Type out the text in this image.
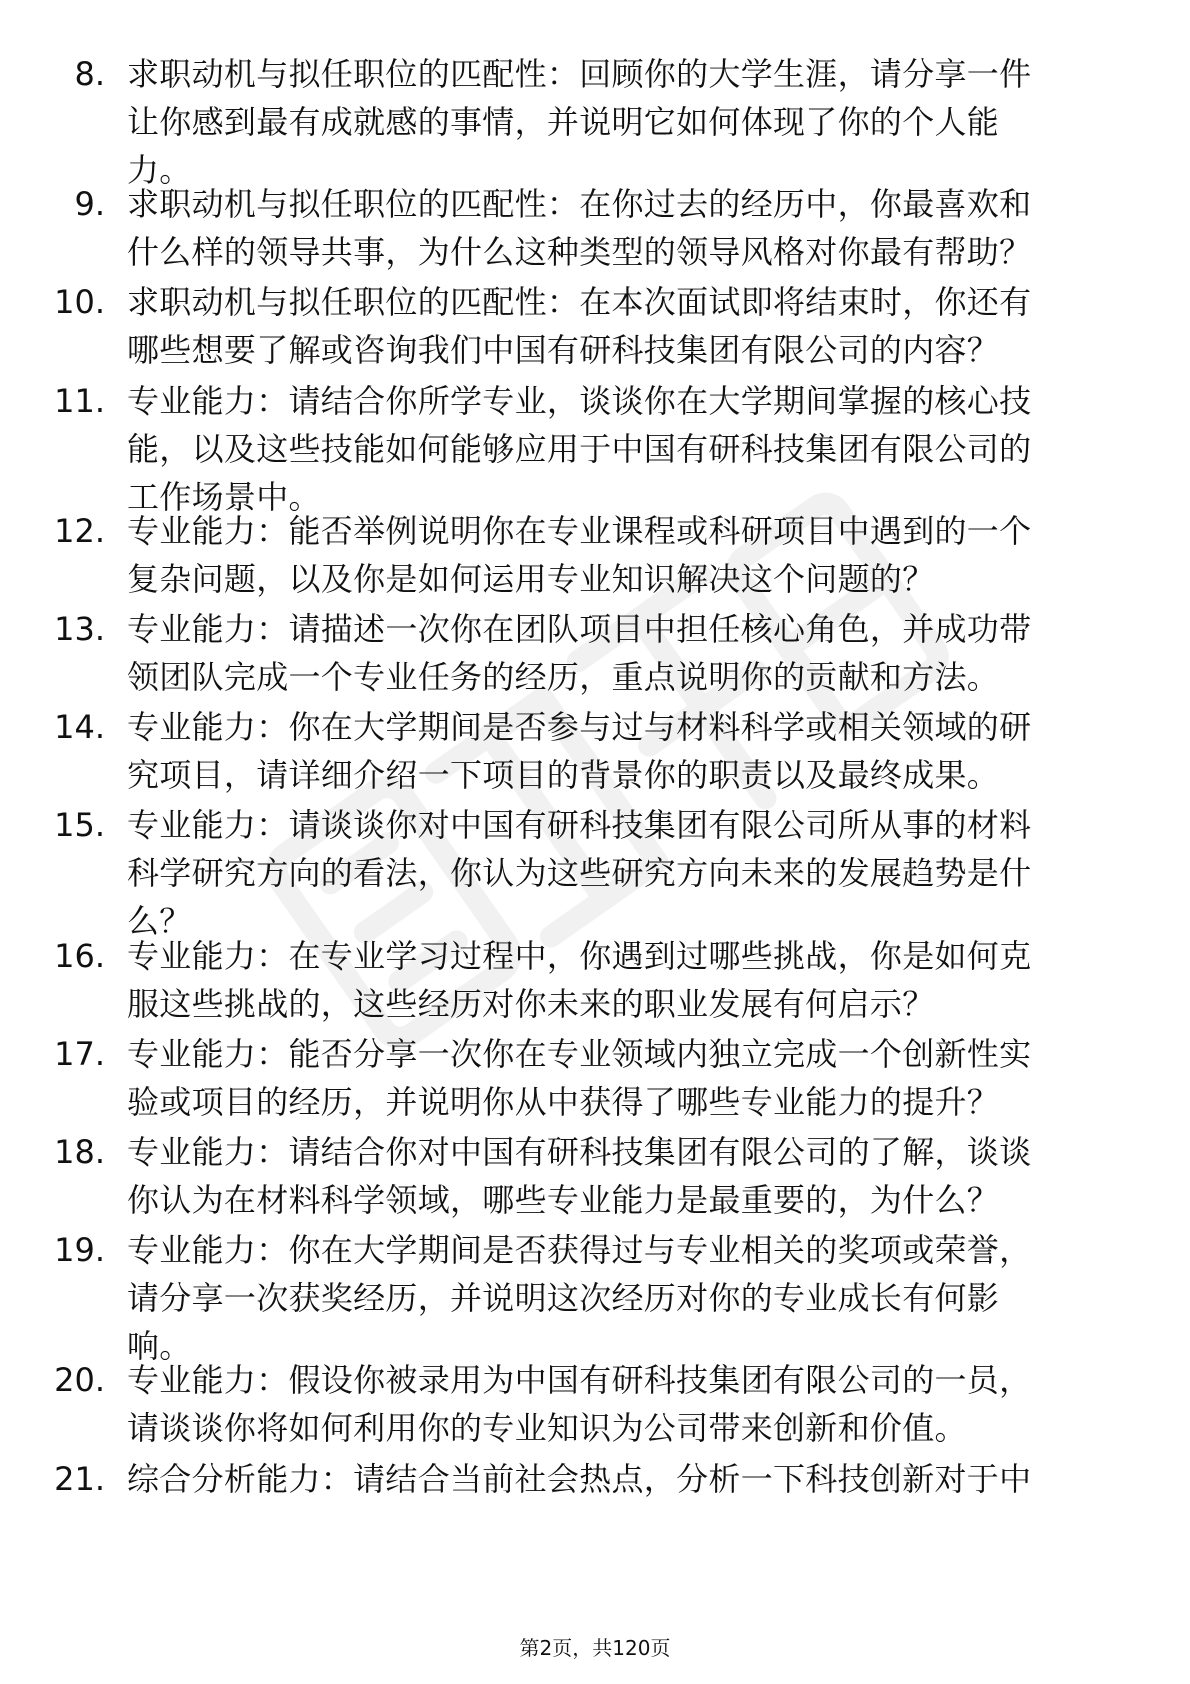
8. 求职动机与拟任职位的匹配性：回顾你的大学生涯，请分享一件
让你感到最有成就感的事情，并说明它如何体现了你的个人能
力。
9. 求职动机与拟任职位的匹配性：在你过去的经历中，你最喜欢和
什么样的领导共事，为什么这种类型的领导风格对你最有帮助？
10. 求职动机与拟任职位的匹配性：在本次面试即将结束时，你还有
哪些想要了解或咨询我们中国有研科技集团有限公司的内容？
11. 专业能力：请结合你所学专业，谈谈你在大学期间掌握的核心技
能，以及这些技能如何能够应用于中国有研科技集团有限公司的
工作场景中。
12. 专业能力：能否举例说明你在专业课程或科研项目中遇到的一个
复杂问题，以及你是如何运用专业知识解决这个问题的？
13. 专业能力：请描述一次你在团队项目中担任核心角色，并成功带
领团队完成一个专业任务的经历，重点说明你的贡献和方法。
14. 专业能力：你在大学期间是否参与过与材料科学或相关领域的研
究项目，请详细介绍一下项目的背景你的职责以及最终成果。
15. 专业能力：请谈谈你对中国有研科技集团有限公司所从事的材料
科学研究方向的看法，你认为这些研究方向未来的发展趋势是什
么？
16. 专业能力：在专业学习过程中，你遇到过哪些挑战，你是如何克
服这些挑战的，这些经历对你未来的职业发展有何启示？
17. 专业能力：能否分享一次你在专业领域内独立完成一个创新性实
验或项目的经历，并说明你从中获得了哪些专业能力的提升？
18. 专业能力：请结合你对中国有研科技集团有限公司的了解，谈谈
你认为在材料科学领域，哪些专业能力是最重要的，为什么？
19. 专业能力：你在大学期间是否获得过与专业相关的奖项或荣誉，
请分享一次获奖经历，并说明这次经历对你的专业成长有何影
响。
20. 专业能力：假设你被录用为中国有研科技集团有限公司的一员，
请谈谈你将如何利用你的专业知识为公司带来创新和价值。
21. 综合分析能力：请结合当前社会热点，分析一下科技创新对于中
第2页，共120页
